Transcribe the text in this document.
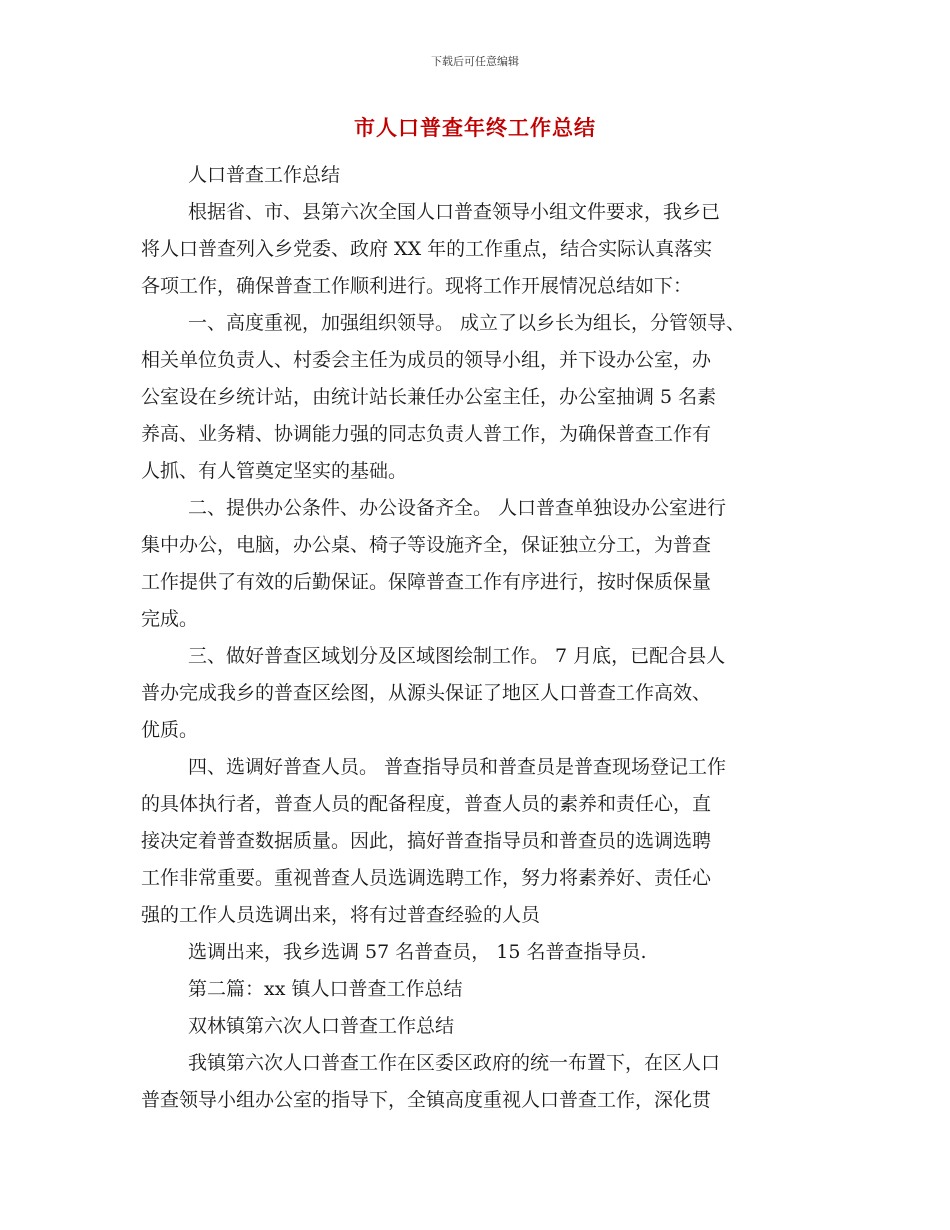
下载后可任意编辑
市人口普查年终工作总结
人口普查工作总结
根据省、市、县第六次全国人口普查领导小组文件要求，我乡已
将人口普查列入乡党委、政府 XX 年的工作重点，结合实际认真落实
各项工作，确保普查工作顺利进行。现将工作开展情况总结如下：
一、高度重视，加强组织领导。 成立了以乡长为组长，分管领导、
相关单位负责人、村委会主任为成员的领导小组，并下设办公室，办
公室设在乡统计站，由统计站长兼任办公室主任，办公室抽调 5 名素
养高、业务精、协调能力强的同志负责人普工作，为确保普查工作有
人抓、有人管奠定坚实的基础。
二、提供办公条件、办公设备齐全。 人口普查单独设办公室进行
集中办公，电脑，办公桌、椅子等设施齐全，保证独立分工，为普查
工作提供了有效的后勤保证。保障普查工作有序进行，按时保质保量
完成。
三、做好普查区域划分及区域图绘制工作。 7 月底，已配合县人
普办完成我乡的普查区绘图，从源头保证了地区人口普查工作高效、
优质。
四、选调好普查人员。 普查指导员和普查员是普查现场登记工作
的具体执行者，普查人员的配备程度，普查人员的素养和责任心，直
接决定着普查数据质量。因此，搞好普查指导员和普查员的选调选聘
工作非常重要。重视普查人员选调选聘工作，努力将素养好、责任心
强的工作人员选调出来，将有过普查经验的人员
选调出来，我乡选调 57 名普查员， 15 名普查指导员.
第二篇：xx 镇人口普查工作总结
双林镇第六次人口普查工作总结
我镇第六次人口普查工作在区委区政府的统一布置下，在区人口
普查领导小组办公室的指导下，全镇高度重视人口普查工作，深化贯
